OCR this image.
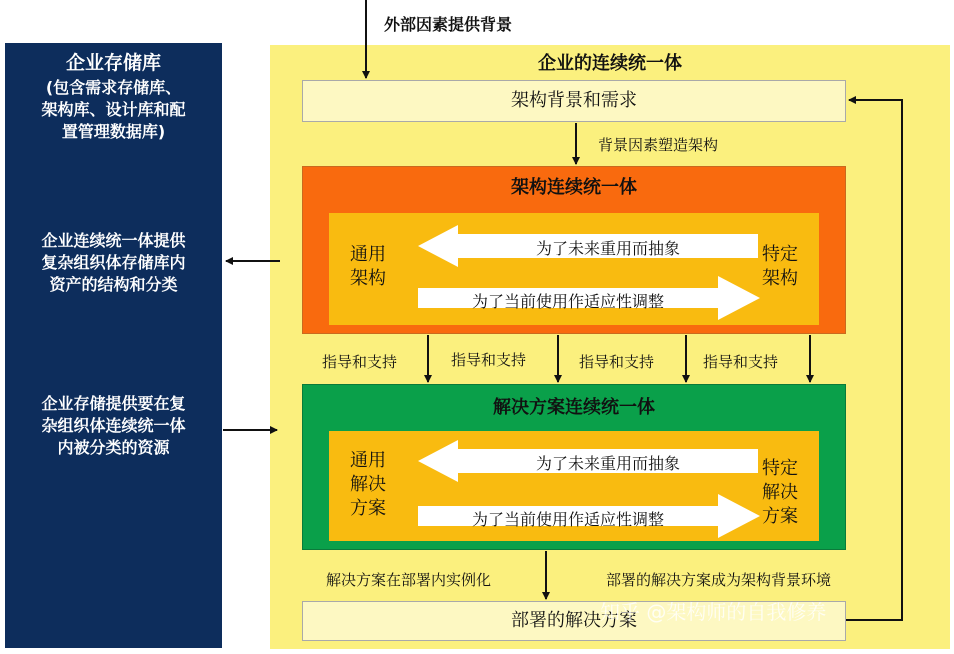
企业存储库
(包含需求存储库、
架构库、设计库和配
置管理数据库)
企业连续统一体提供
复杂组织体存储库内
资产的结构和分类
企业存储提供要在复
杂组织体连续统一体
内被分类的资源
企业的连续统一体
外部因素提供背景
架构背景和需求
背景因素塑造架构
架构连续统一体
通用
架构
特定
架构
解决方案连续统一体
通用
解决
方案
特定
解决
方案
部署的解决方案
为了未来重用而抽象
为了当前使用作适应性调整
为了未来重用而抽象
为了当前使用作适应性调整
指导和支持	指导和支持	指导和支持	指导和支持
解决方案在部署内实例化	部署的解决方案成为架构背景环境
知乎 @架构师的自我修养
